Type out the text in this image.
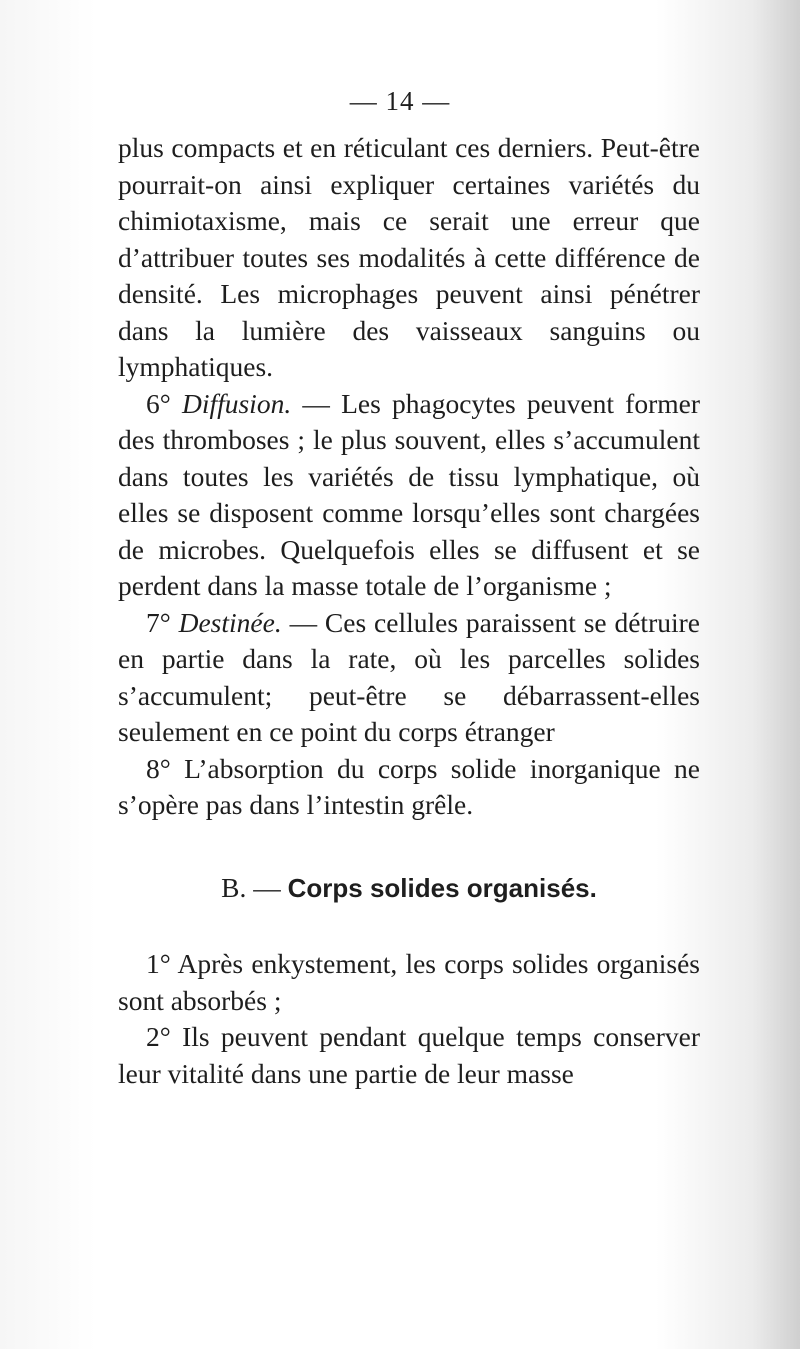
— 14 —

plus compacts et en réticulant ces derniers. Peut-être pourrait-on ainsi expliquer certaines variétés du chimiotaxisme, mais ce serait une erreur que d’attribuer toutes ses modalités à cette différence de densité. Les microphages peuvent ainsi pénétrer dans la lumière des vaisseaux sanguins ou lymphatiques.

6° Diffusion. — Les phagocytes peuvent former des thromboses ; le plus souvent, elles s’accumulent dans toutes les variétés de tissu lymphatique, où elles se disposent comme lorsqu’elles sont chargées de microbes. Quelquefois elles se diffusent et se perdent dans la masse totale de l’organisme ;

7° Destinée. — Ces cellules paraissent se détruire en partie dans la rate, où les parcelles solides s’accumulent; peut-être se débarrassent-elles seulement en ce point du corps étranger

8° L’absorption du corps solide inorganique ne s’opère pas dans l’intestin grêle.

B. — Corps solides organisés.

1° Après enkystement, les corps solides organisés sont absorbés ;

2° Ils peuvent pendant quelque temps conserver leur vitalité dans une partie de leur masse
